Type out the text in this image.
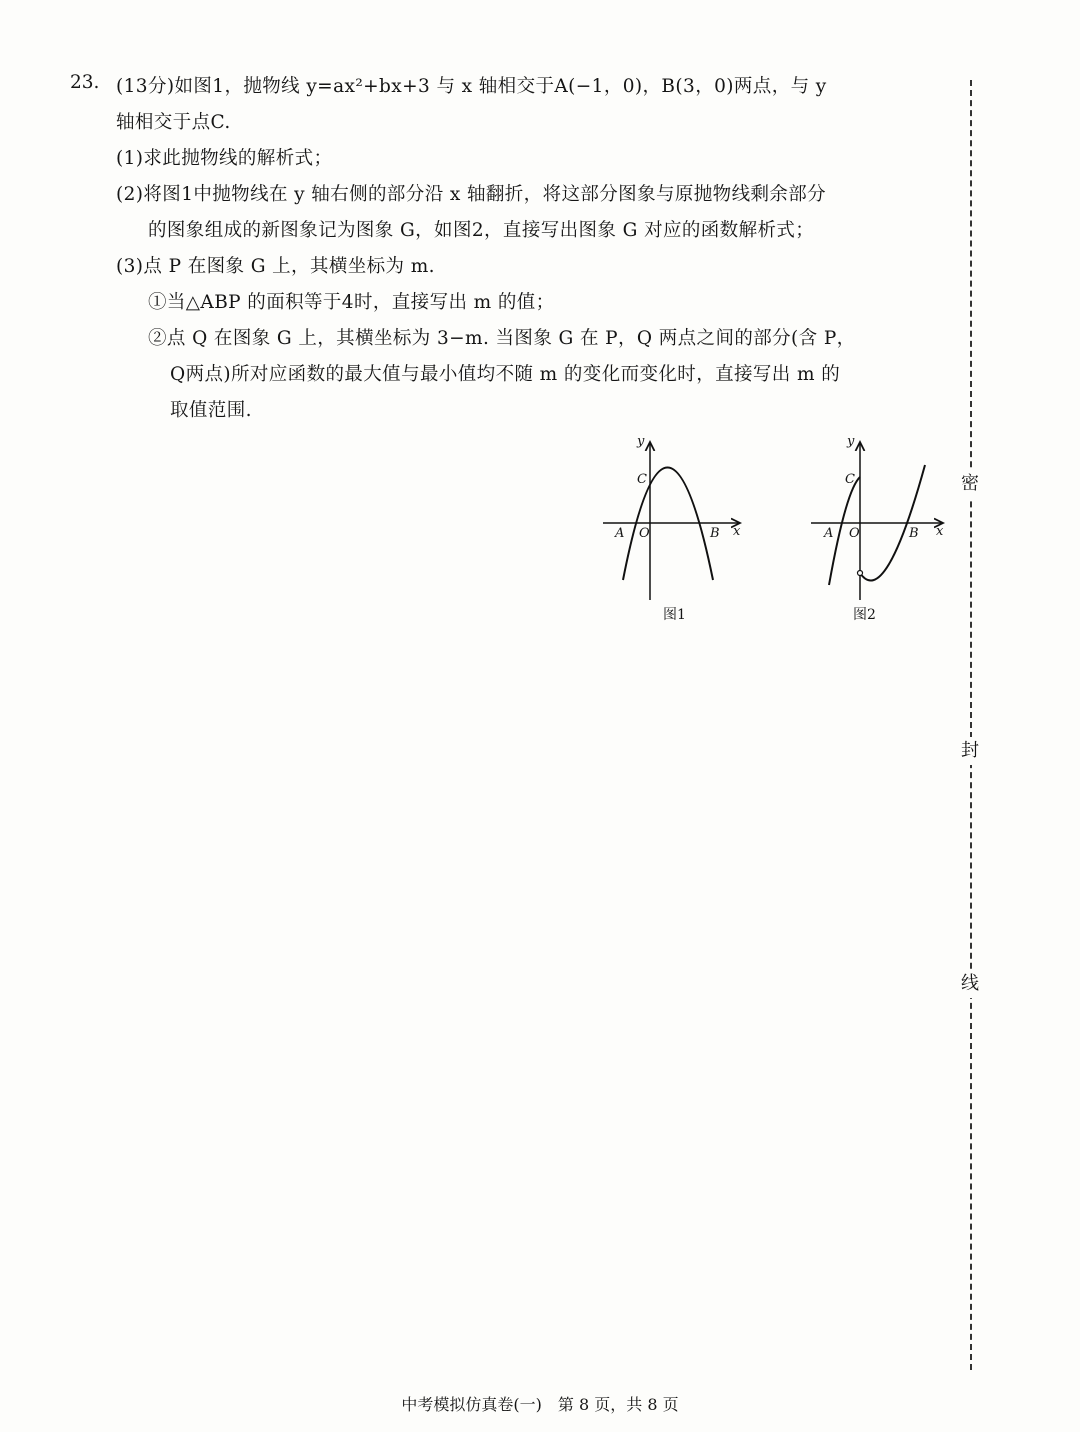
23. (13分)如图1，抛物线 y=ax²+bx+3 与 x 轴相交于A(−1，0)，B(3，0)两点，与 y
轴相交于点C.
(1)求此抛物线的解析式；
(2)将图1中抛物线在 y 轴右侧的部分沿 x 轴翻折，将这部分图象与原抛物线剩余部分
的图象组成的新图象记为图象 G，如图2，直接写出图象 G 对应的函数解析式；
(3)点 P 在图象 G 上，其横坐标为 m.
①当△ABP 的面积等于4时，直接写出 m 的值；
②点 Q 在图象 G 上，其横坐标为 3−m. 当图象 G 在 P，Q 两点之间的部分(含 P，
Q两点)所对应函数的最大值与最小值均不随 m 的变化而变化时，直接写出 m 的
取值范围.
y
x
A O	B
C
图1
y
x
A O	B
C
图2
密
封
线
中考模拟仿真卷(一)　第 8 页，共 8 页
